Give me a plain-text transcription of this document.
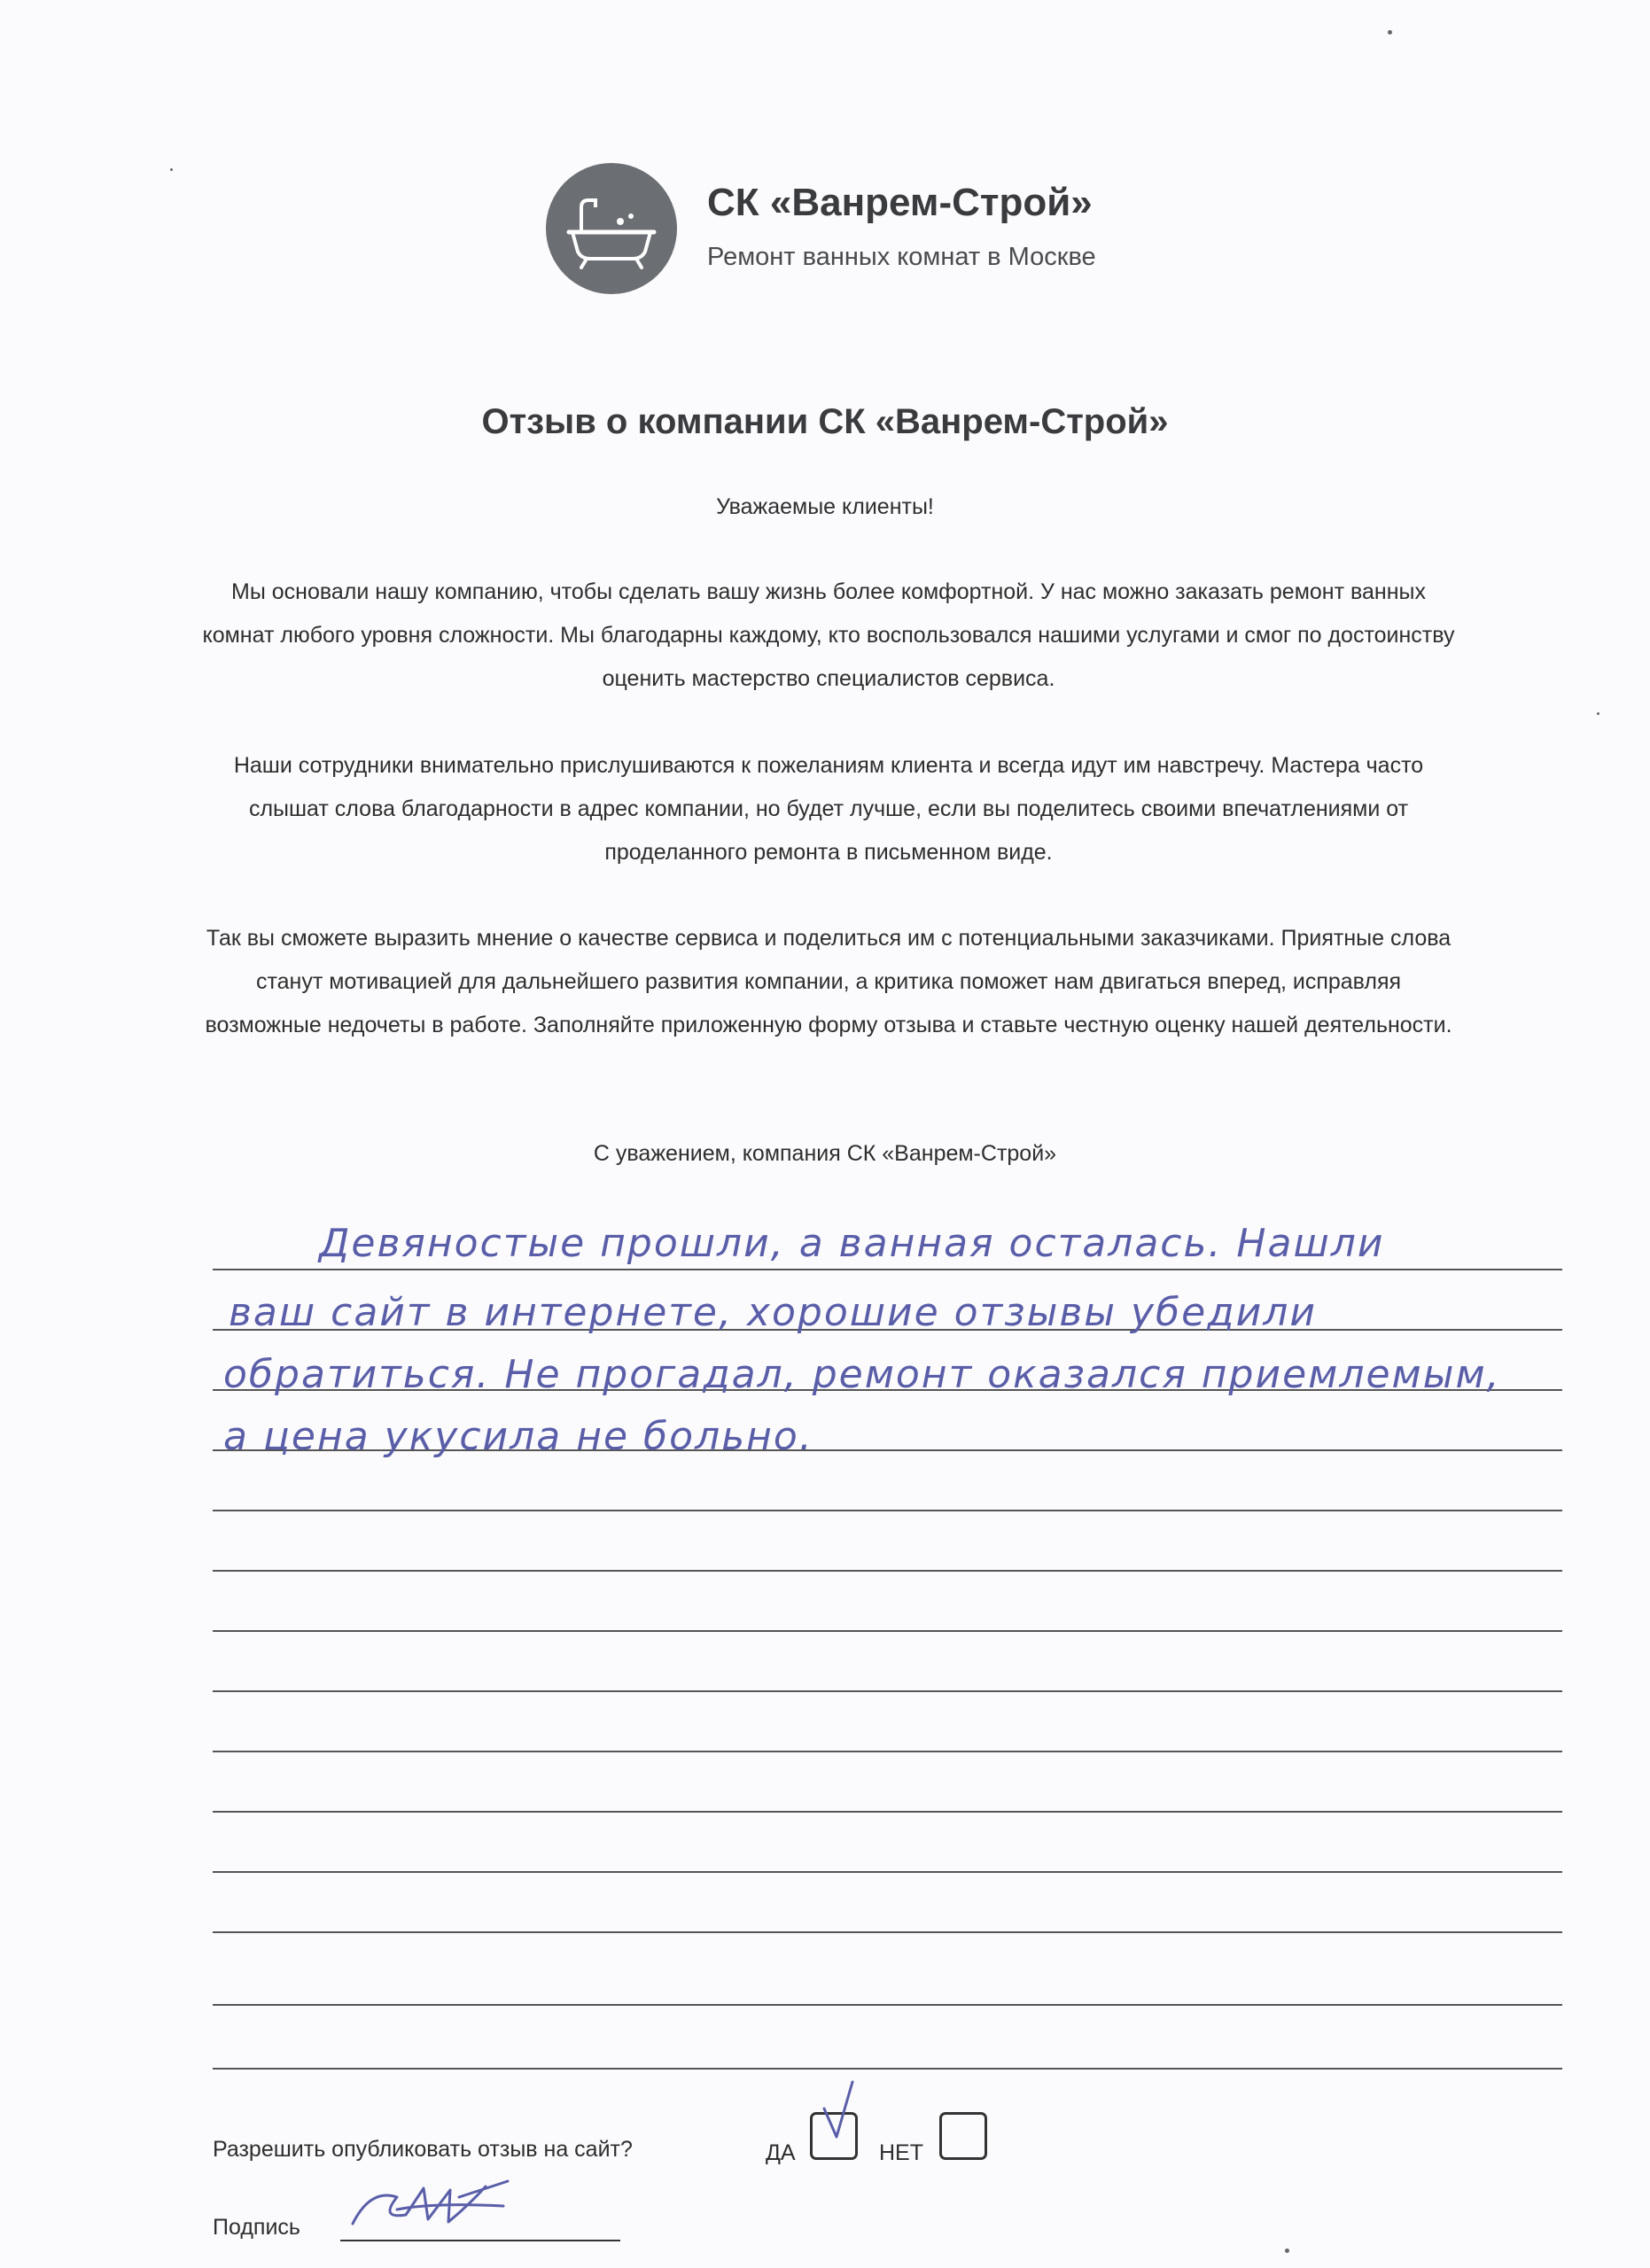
СК «Ванрем-Строй»
Ремонт ванных комнат в Москве
Отзыв о компании СК «Ванрем-Строй»
Уважаемые клиенты!
Мы основали нашу компанию, чтобы сделать вашу жизнь более комфортной. У нас можно заказать ремонт ванных комнат любого уровня сложности. Мы благодарны каждому, кто воспользовался нашими услугами и смог по достоинству оценить мастерство специалистов сервиса.
Наши сотрудники внимательно прислушиваются к пожеланиям клиента и всегда идут им навстречу. Мастера часто слышат слова благодарности в адрес компании, но будет лучше, если вы поделитесь своими впечатлениями от проделанного ремонта в письменном виде.
Так вы сможете выразить мнение о качестве сервиса и поделиться им с потенциальными заказчиками. Приятные слова станут мотивацией для дальнейшего развития компании, а критика поможет нам двигаться вперед, исправляя возможные недочеты в работе. Заполняйте приложенную форму отзыва и ставьте честную оценку нашей деятельности.
С уважением, компания СК «Ванрем-Строй»
Девяностые прошли, а ванная осталась. Нашли
ваш сайт в интернете, хорошие отзывы убедили
обратиться. Не прогадал, ремонт оказался приемлемым,
а цена укусила не больно.
Разрешить опубликовать отзыв на сайт?	ДА	НЕТ
Подпись
